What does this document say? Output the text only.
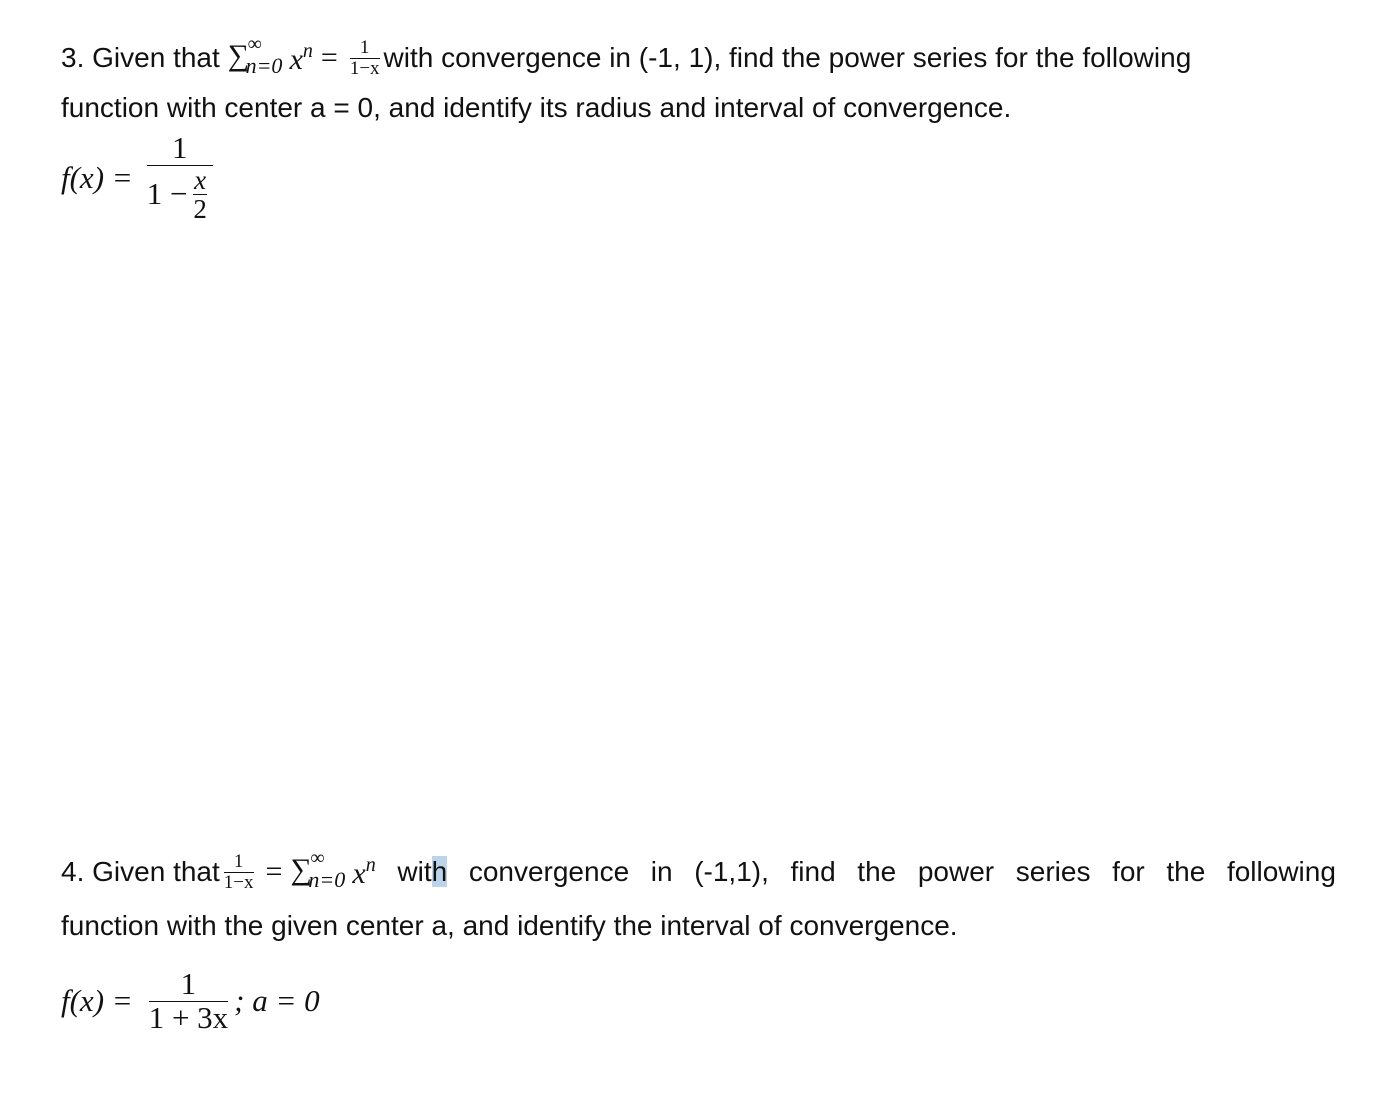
3.
Given that
∑
∞
n=0 $x^n = \frac{1}{1-x}$ with convergence in (-1, 1), find the power series for the following
function with center a = 0, and identify its radius and interval of convergence.
$f(x) = \frac{1}{1 - \frac{x}{2}}$
4.
Given that $\frac{1}{1-x}$ = ∑
∞
n=0 $x^n$ with convergence in (-1,1), find the power series for the following
function with the given center a, and identify the interval of convergence.
$f(x) = \frac{1}{1 + 3x}$ ; a = 0
